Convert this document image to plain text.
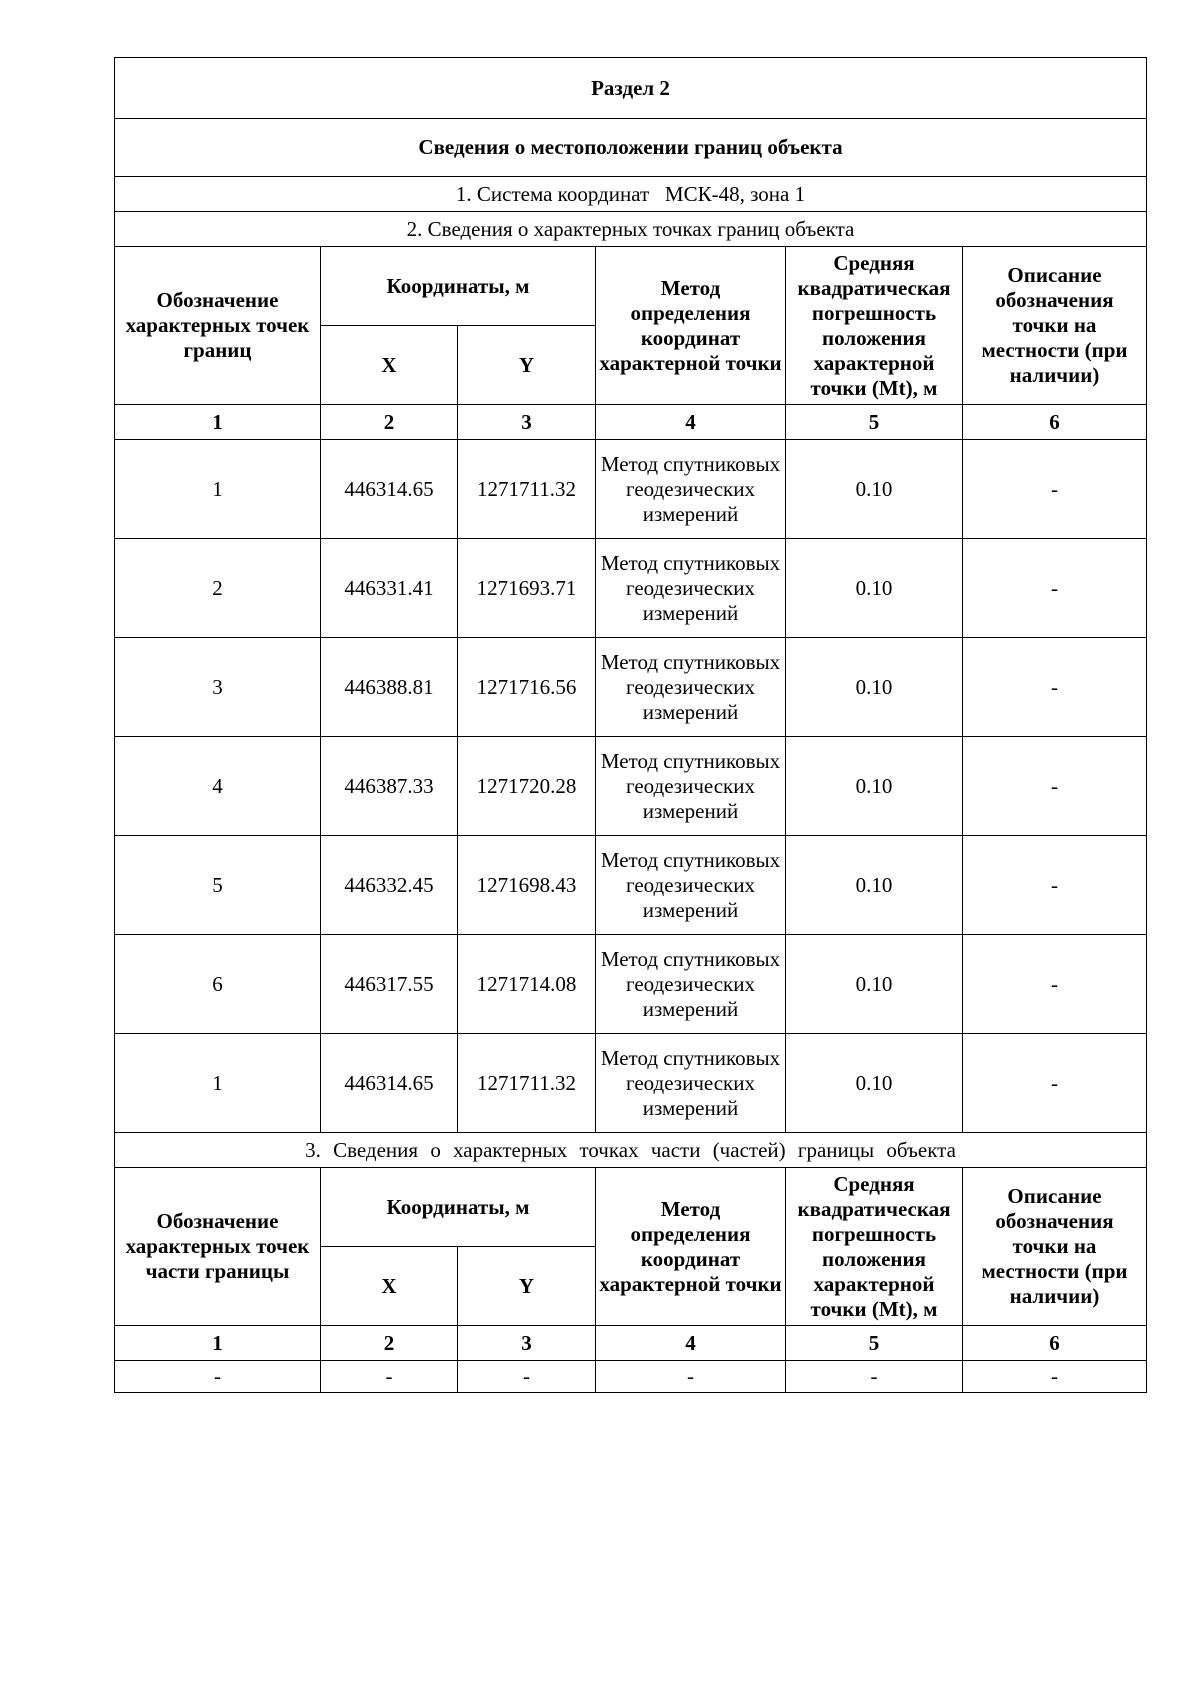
Раздел 2					
Сведения о местоположении границ объекта					
1. Система координат МСК-48, зона 1					
2. Сведения о характерных точках границ объекта					
Обозначение характерных точек границ	Координаты, м		Метод определения координат характерной точки	Средняя квадратическая погрешность положения характерной точки (Mt), м	Описание обозначения точки на местности (при наличии)
	X	Y			
1	2	3	4	5	6
1	446314.65	1271711.32	Метод спутниковых геодезических измерений	0.10	-
2	446331.41	1271693.71	Метод спутниковых геодезических измерений	0.10	-
3	446388.81	1271716.56	Метод спутниковых геодезических измерений	0.10	-
4	446387.33	1271720.28	Метод спутниковых геодезических измерений	0.10	-
5	446332.45	1271698.43	Метод спутниковых геодезических измерений	0.10	-
6	446317.55	1271714.08	Метод спутниковых геодезических измерений	0.10	-
1	446314.65	1271711.32	Метод спутниковых геодезических измерений	0.10	-
3. Сведения о характерных точках части (частей) границы объекта					
Обозначение характерных точек части границы	Координаты, м		Метод определения координат характерной точки	Средняя квадратическая погрешность положения характерной точки (Mt), м	Описание обозначения точки на местности (при наличии)
	X	Y			
1	2	3	4	5	6
-	-	-	-	-	-
